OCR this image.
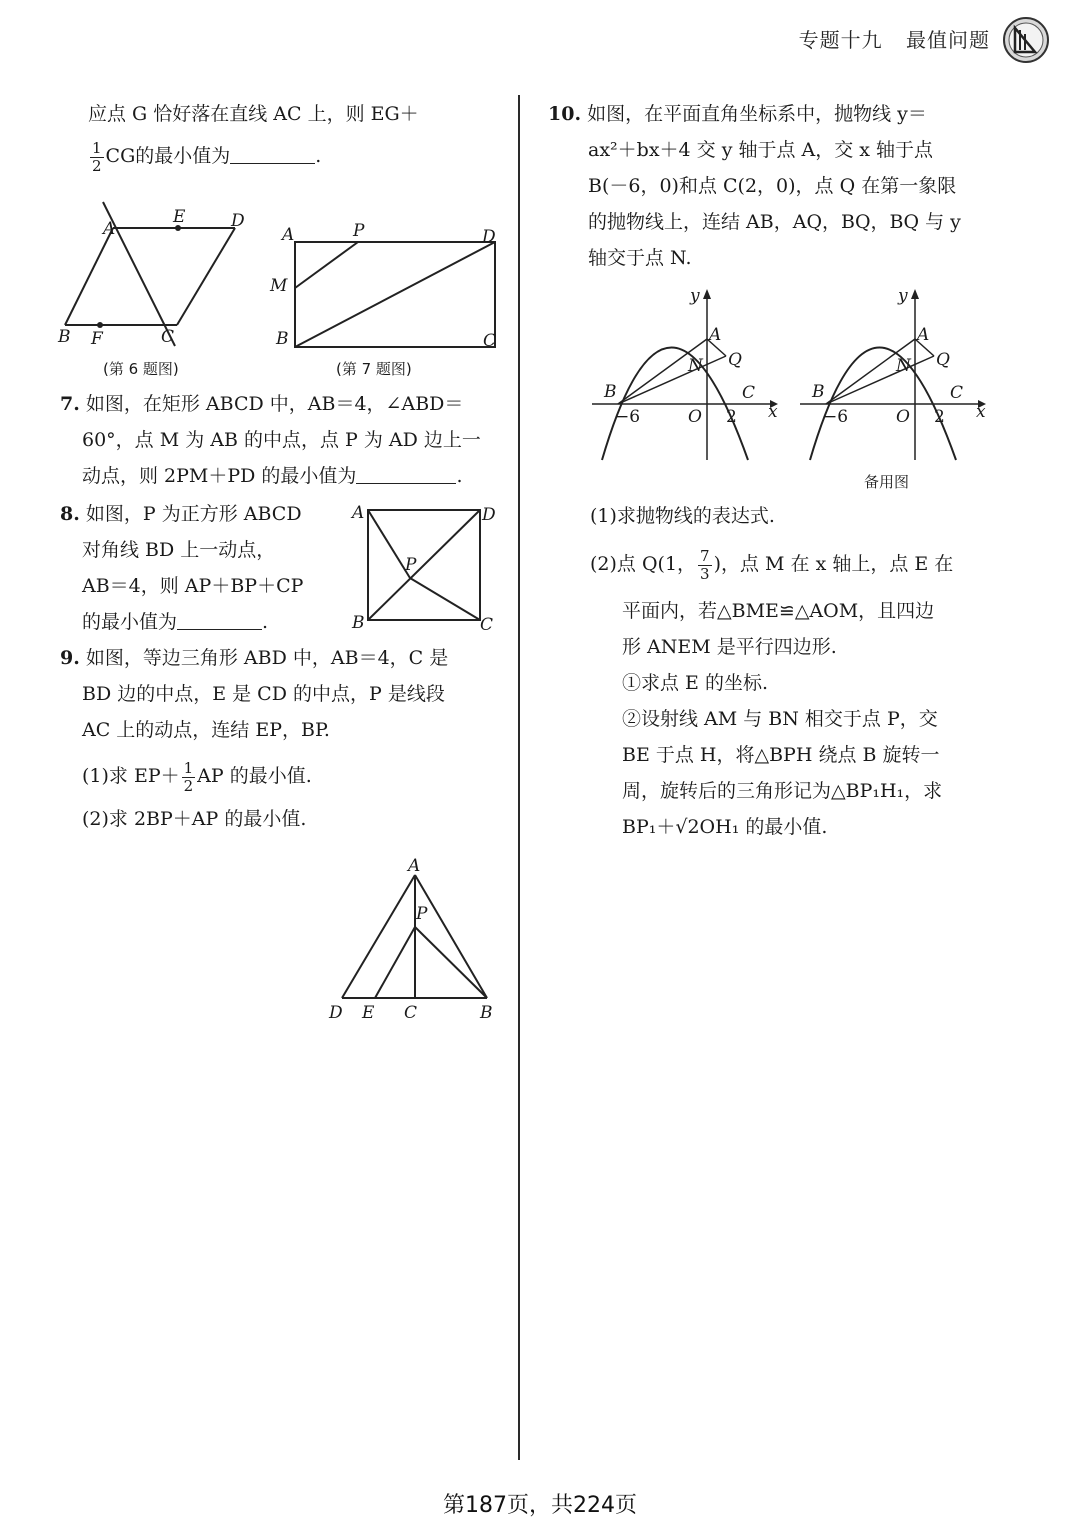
专题十九 最值问题

应点 G 恰好落在直线 AC 上，则 EG＋

$\frac{1}{2}$ CG的最小值为	.

A
E	D
B F	C
(第 6 题图)
A	P	D
M
B	C
(第 7 题图)

7. 如图，在矩形 ABCD 中，AB＝4，∠ABD＝

60°，点 M 为 AB 的中点，点 P 为 AD 边上一

动点，则 2PM＋PD 的最小值为	.

8. 如图，P 为正方形 ABCD

对角线 BD 上一动点，

AB＝4，则 AP＋BP＋CP

的最小值为	.

A	D
P
B	C

9. 如图，等边三角形 ABD 中，AB＝4，C 是

BD 边的中点，E 是 CD 的中点，P 是线段

AC 上的动点，连结 EP，BP.

(1)求 $EP+ \frac{1}{2}$ AP 的最小值.

(2)求 2BP＋AP 的最小值.

A
P
D E C	B

10. 如图，在平面直角坐标系中，抛物线 y＝

ax²＋bx＋4 交 y 轴于点 A，交 x 轴于点

B(－6，0)和点 C(2，0)，点 Q 在第一象限

的抛物线上，连结 AB，AQ，BQ，BQ 与 y

轴交于点 N.

y
x
A
N Q
B	C
−6	O 2
y
x
A
N Q
B	C
−6	O 2
备用图

(1)求抛物线的表达式.

(2)点 Q(1， $\frac{7}{3}$ )，点 M 在 x 轴上，点 E 在

平面内，若△BME≌△AOM，且四边

形 ANEM 是平行四边形.

①求点 E 的坐标.

②设射线 AM 与 BN 相交于点 P，交

BE 于点 H，将△BPH 绕点 B 旋转一

周，旋转后的三角形记为△BP₁H₁，求

BP₁＋√2OH₁ 的最小值.

第187页，共224页
